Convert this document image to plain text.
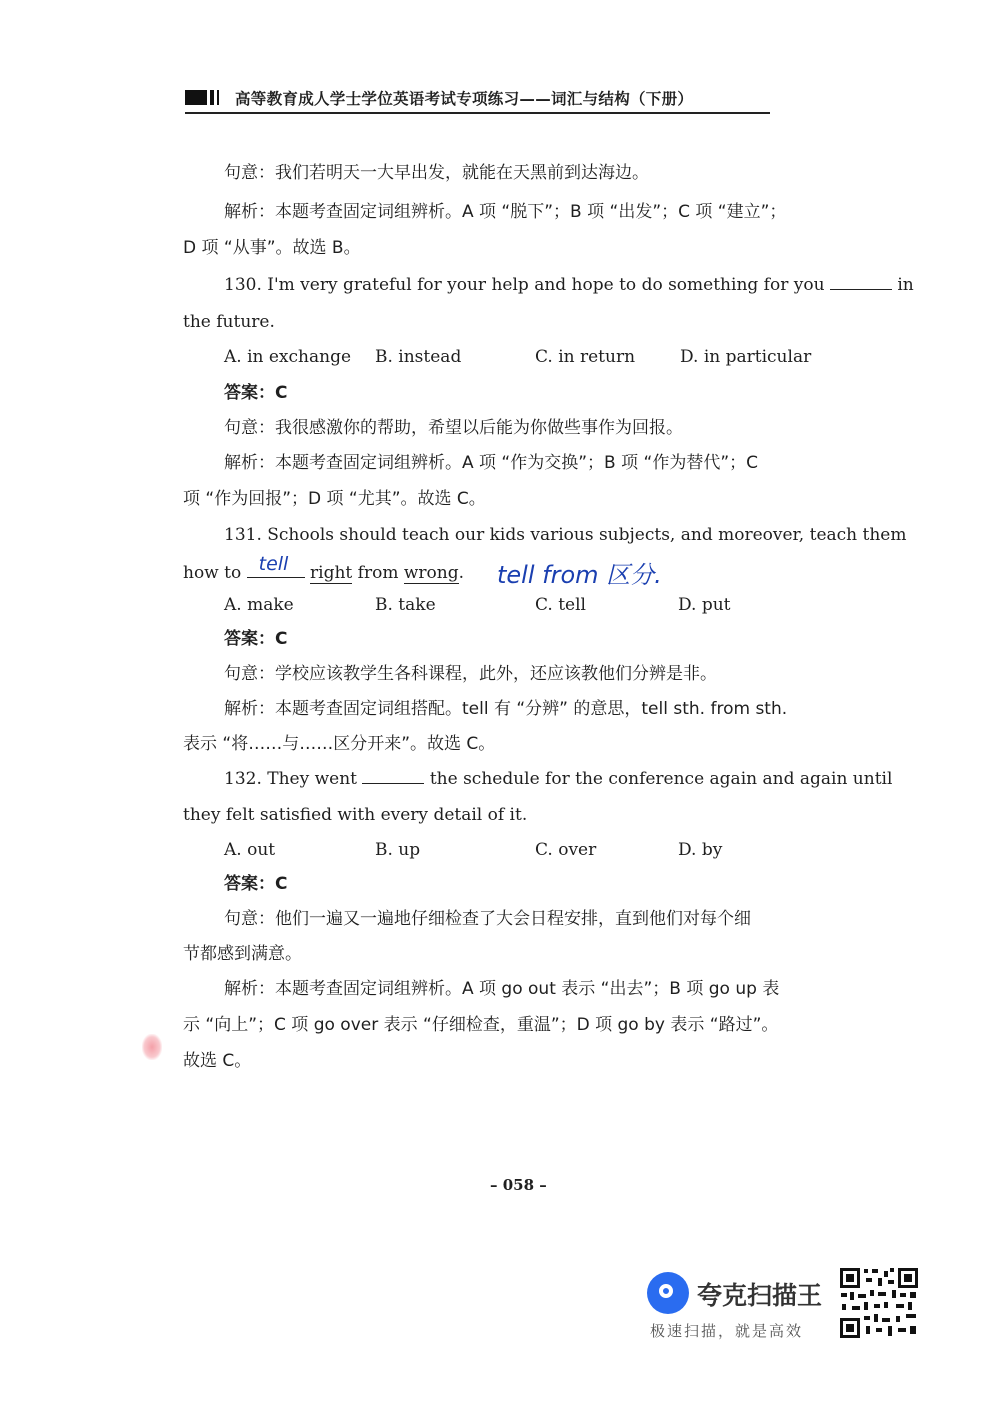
高等教育成人学士学位英语考试专项练习——词汇与结构（下册）
句意：我们若明天一大早出发，就能在天黑前到达海边。
解析：本题考查固定词组辨析。A 项 “脱下”；B 项 “出发”；C 项 “建立”；
D 项 “从事”。故选 B。
130. I'm very grateful for your help and hope to do something for you	in
the future.
A. in exchange B. instead	C. in return	D. in particular
答案：C
句意：我很感激你的帮助，希望以后能为你做些事作为回报。
解析：本题考查固定词组辨析。A 项 “作为交换”；B 项 “作为替代”；C
项 “作为回报”；D 项 “尤其”。故选 C。
131. Schools should teach our kids various subjects, and moreover, teach them
how to tell right from wrong. tell from 区分.
A. make	B. take	C. tell	D. put
答案：C
句意：学校应该教学生各科课程，此外，还应该教他们分辨是非。
解析：本题考查固定词组搭配。tell 有 “分辨” 的意思，tell sth. from sth.
表示 “将……与……区分开来”。故选 C。
132. They went	the schedule for the conference again and again until
they felt satisfied with every detail of it.
A. out	B. up	C. over	D. by
答案：C
句意：他们一遍又一遍地仔细检查了大会日程安排，直到他们对每个细
节都感到满意。
解析：本题考查固定词组辨析。A 项 go out 表示 “出去”；B 项 go up 表
示 “向上”；C 项 go over 表示 “仔细检查，重温”；D 项 go by 表示 “路过”。
故选 C。
– 058 –
夸克扫描王
极速扫描，就是高效
